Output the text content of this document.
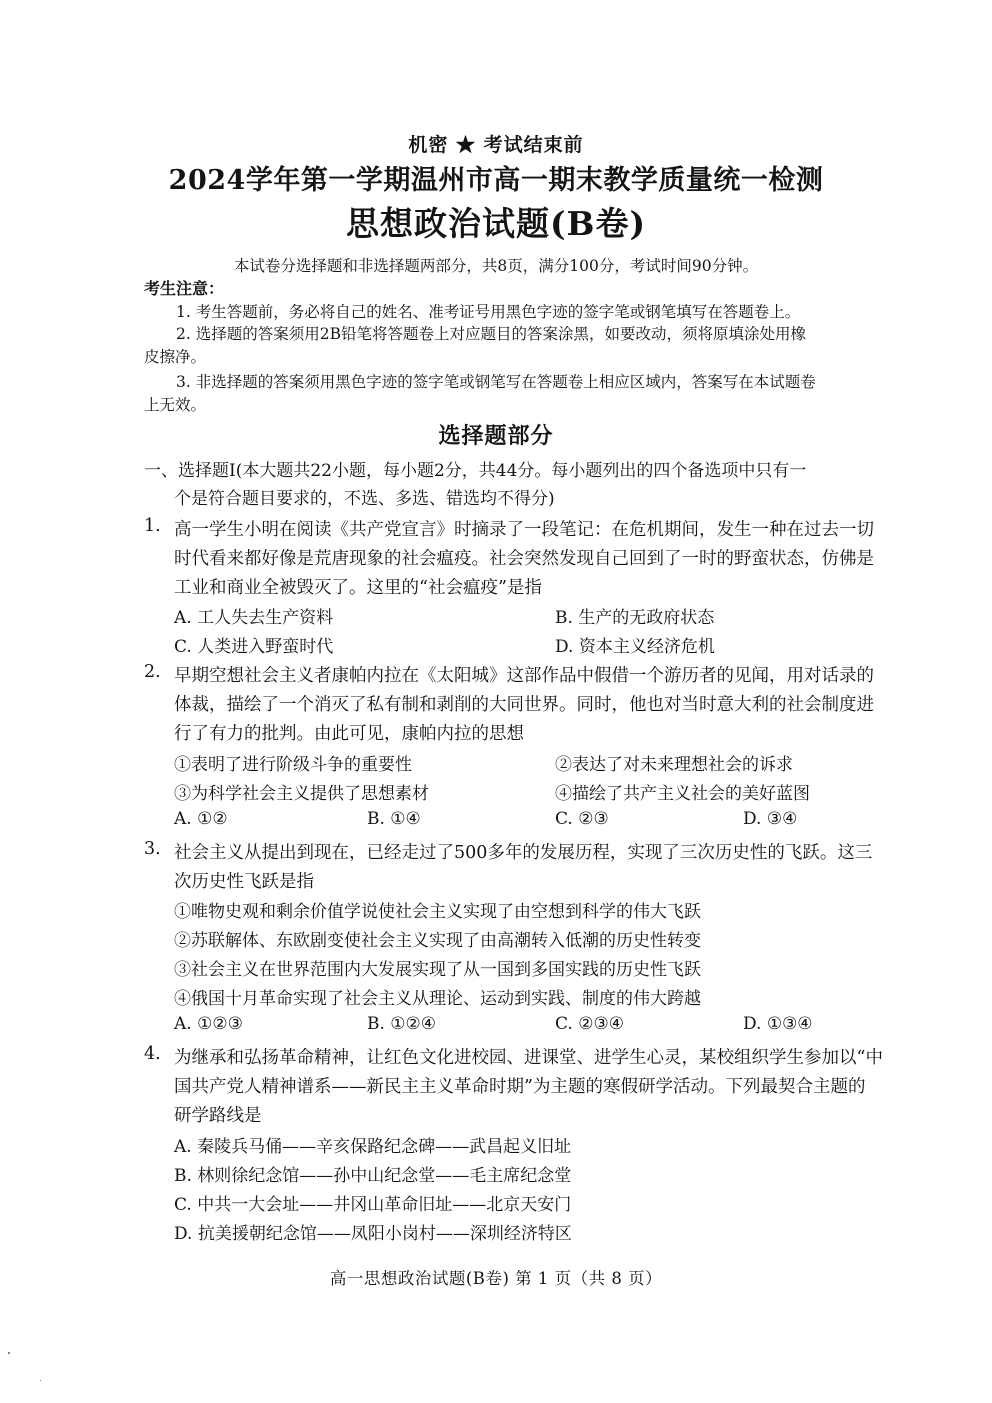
机密 ★ 考试结束前
2024学年第一学期温州市高一期末教学质量统一检测
思想政治试题(B卷)
本试卷分选择题和非选择题两部分，共8页，满分100分，考试时间90分钟。
考生注意：
1. 考生答题前，务必将自己的姓名、准考证号用黑色字迹的签字笔或钢笔填写在答题卷上。
2. 选择题的答案须用2B铅笔将答题卷上对应题目的答案涂黑，如要改动，须将原填涂处用橡
皮擦净。
3. 非选择题的答案须用黑色字迹的签字笔或钢笔写在答题卷上相应区域内，答案写在本试题卷
上无效。
选择题部分
一、选择题Ⅰ(本大题共22小题，每小题2分，共44分。每小题列出的四个备选项中只有一
个是符合题目要求的，不选、多选、错选均不得分)
1. 高一学生小明在阅读《共产党宣言》时摘录了一段笔记：在危机期间，发生一种在过去一切
时代看来都好像是荒唐现象的社会瘟疫。社会突然发现自己回到了一时的野蛮状态，仿佛是
工业和商业全被毁灭了。这里的“社会瘟疫”是指
A. 工人失去生产资料	B. 生产的无政府状态
C. 人类进入野蛮时代	D. 资本主义经济危机
2. 早期空想社会主义者康帕内拉在《太阳城》这部作品中假借一个游历者的见闻，用对话录的
体裁，描绘了一个消灭了私有制和剥削的大同世界。同时，他也对当时意大利的社会制度进
行了有力的批判。由此可见，康帕内拉的思想
①表明了进行阶级斗争的重要性	②表达了对未来理想社会的诉求
③为科学社会主义提供了思想素材	④描绘了共产主义社会的美好蓝图
A. ①②	B. ①④	C. ②③	D. ③④
3. 社会主义从提出到现在，已经走过了500多年的发展历程，实现了三次历史性的飞跃。这三
次历史性飞跃是指
①唯物史观和剩余价值学说使社会主义实现了由空想到科学的伟大飞跃
②苏联解体、东欧剧变使社会主义实现了由高潮转入低潮的历史性转变
③社会主义在世界范围内大发展实现了从一国到多国实践的历史性飞跃
④俄国十月革命实现了社会主义从理论、运动到实践、制度的伟大跨越
A. ①②③	B. ①②④	C. ②③④	D. ①③④
4. 为继承和弘扬革命精神，让红色文化进校园、进课堂、进学生心灵，某校组织学生参加以“中
国共产党人精神谱系——新民主主义革命时期”为主题的寒假研学活动。下列最契合主题的
研学路线是
A. 秦陵兵马俑——辛亥保路纪念碑——武昌起义旧址
B. 林则徐纪念馆——孙中山纪念堂——毛主席纪念堂
C. 中共一大会址——井冈山革命旧址——北京天安门
D. 抗美援朝纪念馆——凤阳小岗村——深圳经济特区
高一思想政治试题(B卷) 第 1 页（共 8 页）
